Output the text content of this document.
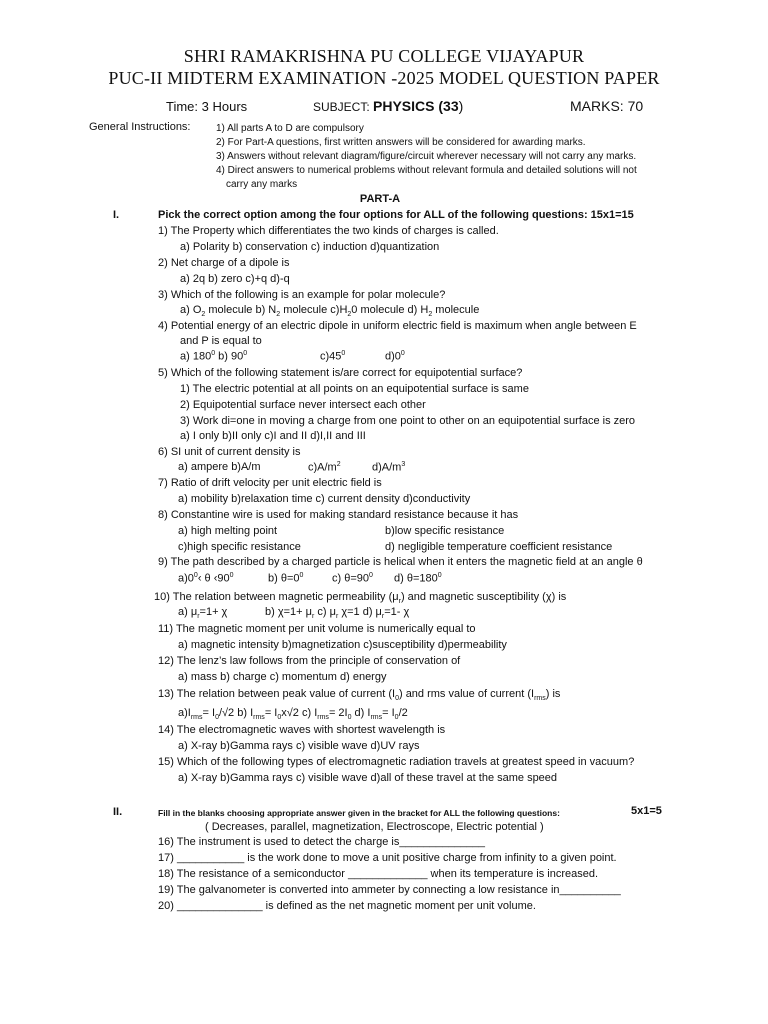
SHRI RAMAKRISHNA PU COLLEGE VIJAYAPUR
PUC-II MIDTERM EXAMINATION -2025 MODEL QUESTION PAPER
Time: 3 Hours	SUBJECT: PHYSICS (33)	MARKS: 70
General Instructions:	1) All parts A to D are compulsory
2) For Part-A questions, first written answers will be considered for awarding marks.
3) Answers without relevant diagram/figure/circuit wherever necessary will not carry any marks.
4) Direct answers to numerical problems without relevant formula and detailed solutions will not
carry any marks
PART-A
I.	Pick the correct option among the four options for ALL of the following questions: 15x1=15
1) The Property which differentiates the two kinds of charges is called.
a) Polarity b) conservation c) induction d)quantization
2) Net charge of a dipole is
a) 2q b) zero c)+q d)-q
3) Which of the following is an example for polar molecule?
a) $O_2$ molecule b) $N_2$ molecule $c)H_20$ molecule d) $H_2$ molecule
4) Potential energy of an electric dipole in uniform electric field is maximum when angle between E
and P is equal to
a) $180^0$ b) $90^0$	$c)45^0$	$d)0^0$
5) Which of the following statement is/are correct for equipotential surface?
1) The electric potential at all points on an equipotential surface is same
2) Equipotential surface never intersect each other
3) Work di=one in moving a charge from one point to other on an equipotential surface is zero
a) I only b)II only c)I and II d)I,II and III
6) SI unit of current density is
a) ampere b)A/m	$c)A/m^2$	$d)A/m^3$
7) Ratio of drift velocity per unit electric field is
a) mobility b)relaxation time c) current density d)conductivity
8) Constantine wire is used for making standard resistance because it has
a) high melting point	b)low specific resistance
c)high specific resistance	d) negligible temperature coefficient resistance
9) The path described by a charged particle is helical when it enters the magnetic field at an angle θ
$a)0^0‹$ θ $‹90^0$	b) $\theta=0^0$	c) $\theta=90^0$ d) $\theta=180^0$
10) The relation between magnetic permeability $(\mu_r)$ and magnetic susceptibility (χ) is
a) $\mu_r=1+ \chi$	b) $\chi=1+ \mu_r$ c) $\mu_r$ χ=1 d) $\mu_r=1-$ χ
11) The magnetic moment per unit volume is numerically equal to
a) magnetic intensity b)magnetization c)susceptibility d)permeability
12) The lenz’s law follows from the principle of conservation of
a) mass b) charge c) momentum d) energy
13) The relation between peak value of current $(I_0)$ and rms value of current $(I_{rms})$ is
$a)I_{rms}= I_0/√2$ b) $I_{rms}= I_0x√2$ c) $I_{rms}= 2I_0$ d) $I_{rms}= I_0/2$
14) The electromagnetic waves with shortest wavelength is
a) X-ray b)Gamma rays c) visible wave d)UV rays
15) Which of the following types of electromagnetic radiation travels at greatest speed in vacuum?
a) X-ray b)Gamma rays c) visible wave d)all of these travel at the same speed
II.	Fill in the blanks choosing appropriate answer given in the bracket for ALL the following questions:	5x1=5
( Decreases, parallel, magnetization, Electroscope, Electric potential )
16) The instrument is used to detect the charge is______________
17) ___________ is the work done to move a unit positive charge from infinity to a given point.
18) The resistance of a semiconductor _____________ when its temperature is increased.
19) The galvanometer is converted into ammeter by connecting a low resistance in__________
20) ______________ is defined as the net magnetic moment per unit volume.
